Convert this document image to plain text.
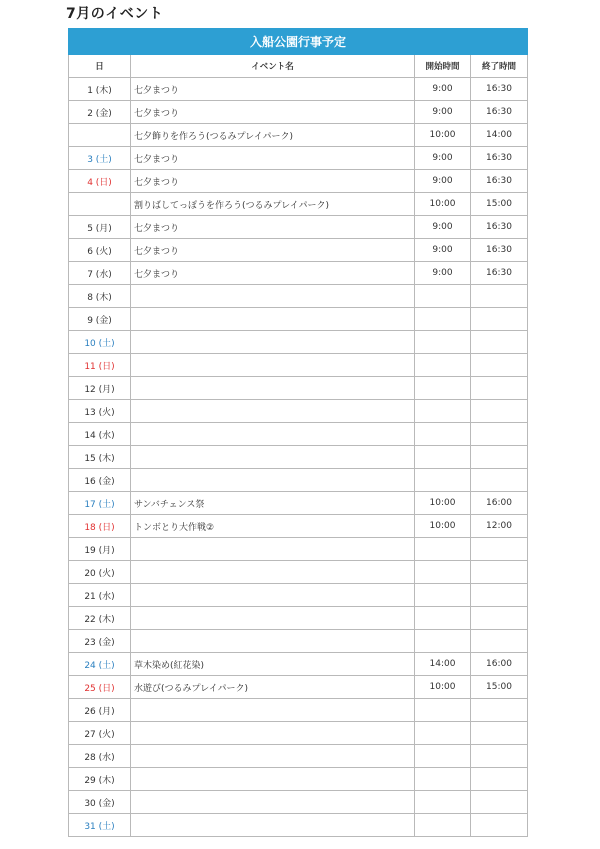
7月のイベント
入船公園行事予定			
日	イベント名	開始時間	終了時間
1 (木)	七夕まつり	9:00	16:30
2 (金)	七夕まつり	9:00	16:30
	七夕飾りを作ろう(つるみプレイパーク)	10:00	14:00
3 (土)	七夕まつり	9:00	16:30
4 (日)	七夕まつり	9:00	16:30
	割りばしてっぽうを作ろう(つるみプレイパーク)	10:00	15:00
5 (月)	七夕まつり	9:00	16:30
6 (火)	七夕まつり	9:00	16:30
7 (水)	七夕まつり	9:00	16:30
8 (木)			
9 (金)			
10 (土)			
11 (日)			
12 (月)			
13 (火)			
14 (水)			
15 (木)			
16 (金)			
17 (土)	サンバチェンス祭	10:00	16:00
18 (日)	トンボとり大作戦②	10:00	12:00
19 (月)			
20 (火)			
21 (水)			
22 (木)			
23 (金)			
24 (土)	草木染め(紅花染)	14:00	16:00
25 (日)	水遊び(つるみプレイパーク)	10:00	15:00
26 (月)			
27 (火)			
28 (水)			
29 (木)			
30 (金)			
31 (土)			
